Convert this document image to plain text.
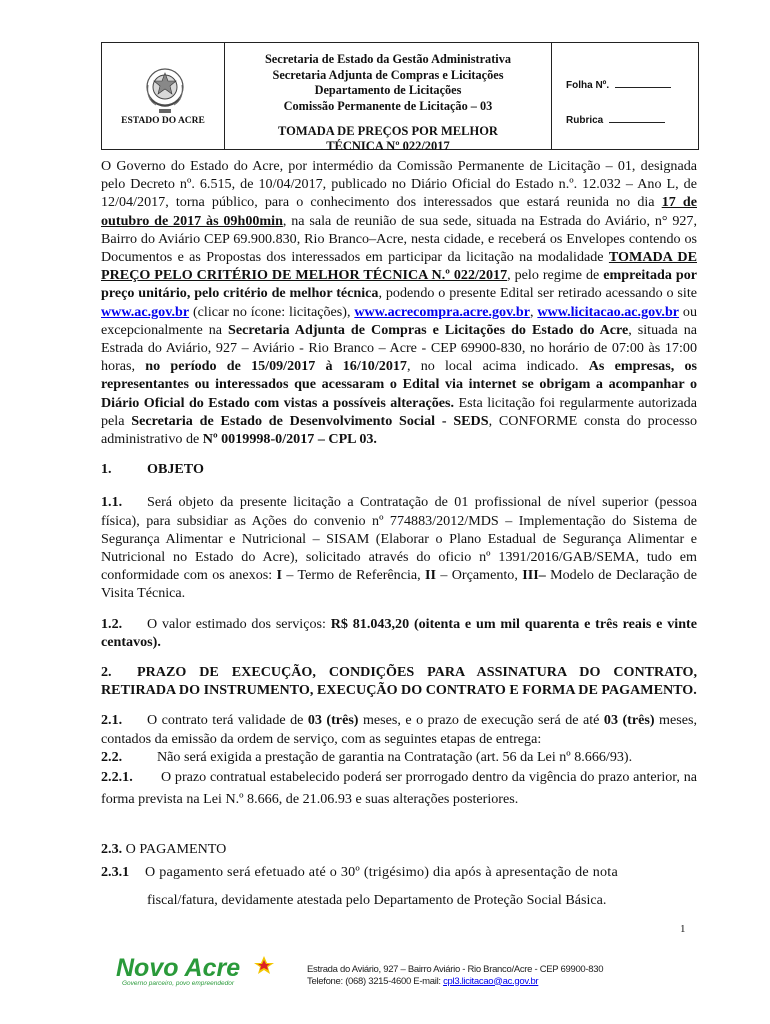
ESTADO DO ACRE
Secretaria de Estado da Gestão Administrativa
Secretaria Adjunta de Compras e Licitações
Departamento de Licitações
Comissão Permanente de Licitação – 03
TOMADA DE PREÇOS POR MELHOR
TÉCNICA Nº 022/2017
Folha Nº.
Rubrica

O Governo do Estado do Acre, por intermédio da Comissão Permanente de Licitação – 01, designada pelo Decreto nº. 6.515, de 10/04/2017, publicado no Diário Oficial do Estado n.º. 12.032 – Ano L, de 12/04/2017, torna público, para o conhecimento dos interessados que estará reunida no dia 17 de outubro de 2017 às 09h00min, na sala de reunião de sua sede, situada na Estrada do Aviário, n° 927, Bairro do Aviário CEP 69.900.830, Rio Branco–Acre, nesta cidade, e receberá os Envelopes contendo os Documentos e as Propostas dos interessados em participar da licitação na modalidade TOMADA DE PREÇO PELO CRITÉRIO DE MELHOR TÉCNICA N.º 022/2017, pelo regime de empreitada por preço unitário, pelo critério de melhor técnica, podendo o presente Edital ser retirado acessando o site www.ac.gov.br (clicar no ícone: licitações), www.acrecompra.acre.gov.br, www.licitacao.ac.gov.br ou excepcionalmente na Secretaria Adjunta de Compras e Licitações do Estado do Acre, situada na Estrada do Aviário, 927 – Aviário - Rio Branco – Acre - CEP 69900-830, no horário de 07:00 às 17:00 horas, no período de 15/09/2017 à 16/10/2017, no local acima indicado. As empresas, os representantes ou interessados que acessaram o Edital via internet se obrigam a acompanhar o Diário Oficial do Estado com vistas a possíveis alterações. Esta licitação foi regularmente autorizada pela Secretaria de Estado de Desenvolvimento Social - SEDS, CONFORME consta do processo administrativo de Nº 0019998-0/2017 – CPL 03.

1.	OBJETO

1.1. Será objeto da presente licitação a Contratação de 01 profissional de nível superior (pessoa física), para subsidiar as Ações do convenio nº 774883/2012/MDS – Implementação do Sistema de Segurança Alimentar e Nutricional – SISAM (Elaborar o Plano Estadual de Segurança Alimentar e Nutricional no Estado do Acre), solicitado através do oficio nº 1391/2016/GAB/SEMA, tudo em conformidade com os anexos: I – Termo de Referência, II – Orçamento, III– Modelo de Declaração de Visita Técnica.

1.2. O valor estimado dos serviços: R$ 81.043,20 (oitenta e um mil quarenta e três reais e vinte centavos).

2. PRAZO DE EXECUÇÃO, CONDIÇÕES PARA ASSINATURA DO CONTRATO, RETIRADA DO INSTRUMENTO, EXECUÇÃO DO CONTRATO E FORMA DE PAGAMENTO.

2.1. O contrato terá validade de 03 (três) meses, e o prazo de execução será de até 03 (três) meses, contados da emissão da ordem de serviço, com as seguintes etapas de entrega:

2.2. Não será exigida a prestação de garantia na Contratação (art. 56 da Lei nº 8.666/93).

2.2.1. O prazo contratual estabelecido poderá ser prorrogado dentro da vigência do prazo anterior, na forma prevista na Lei N.º 8.666, de 21.06.93 e suas alterações posteriores.

2.3. O PAGAMENTO

2.3.1 O pagamento será efetuado até o 30º (trigésimo) dia após à apresentação de nota
fiscal/fatura, devidamente atestada pelo Departamento de Proteção Social Básica.

1
Novo Acre
Governo parceiro, povo empreendedor
Estrada do Aviário, 927 – Bairro Aviário - Rio Branco/Acre - CEP 69900-830
Telefone: (068) 3215-4600 E-mail: cpl3.licitacao@ac.gov.br
